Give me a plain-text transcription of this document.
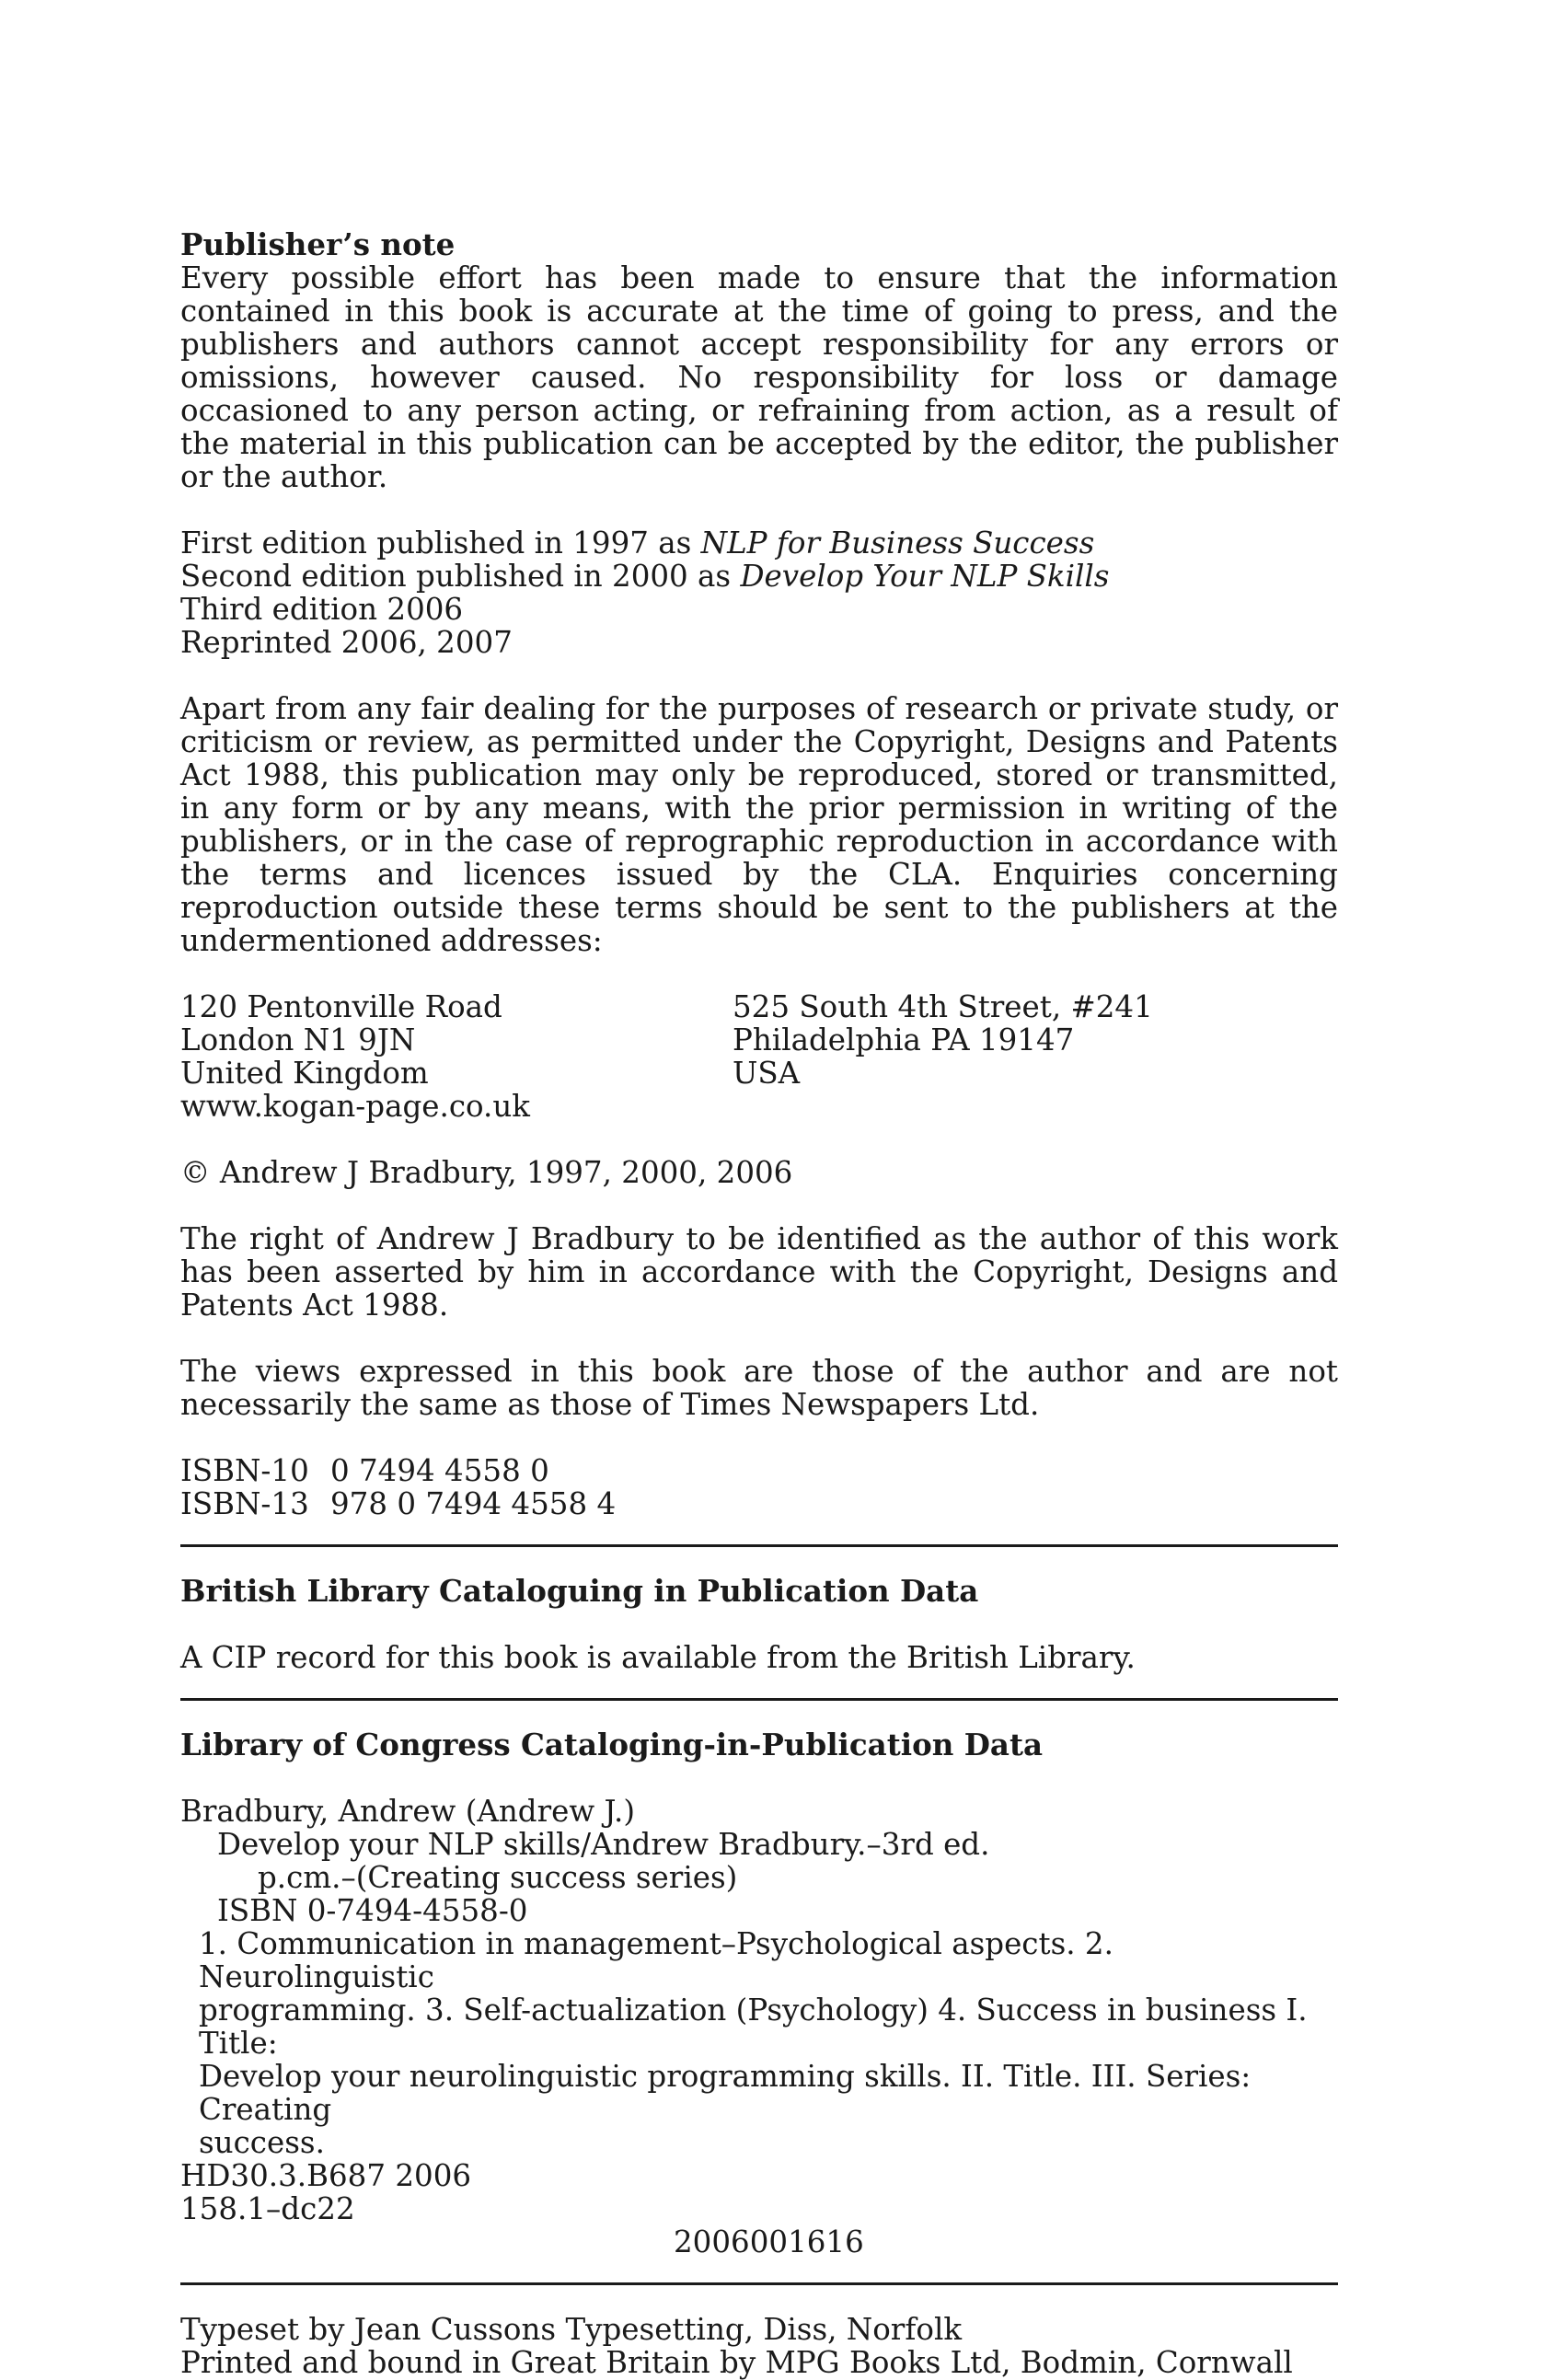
Publisher’s note

Every possible effort has been made to ensure that the information contained in this book is accurate at the time of going to press, and the publishers and authors cannot accept responsibility for any errors or omissions, however caused. No responsibility for loss or damage occasioned to any person acting, or refraining from action, as a result of the material in this publication can be accepted by the editor, the publisher or the author.

First edition published in 1997 as NLP for Business Success
Second edition published in 2000 as Develop Your NLP Skills
Third edition 2006
Reprinted 2006, 2007

Apart from any fair dealing for the purposes of research or private study, or criticism or review, as permitted under the Copyright, Designs and Patents Act 1988, this publication may only be reproduced, stored or transmitted, in any form or by any means, with the prior permission in writing of the publishers, or in the case of reprographic reproduction in accordance with the terms and licences issued by the CLA. Enquiries concerning reproduction outside these terms should be sent to the publishers at the undermentioned addresses:

120 Pentonville Road
London N1 9JN
United Kingdom
www.kogan-page.co.uk
525 South 4th Street, #241
Philadelphia PA 19147
USA

© Andrew J Bradbury, 1997, 2000, 2006

The right of Andrew J Bradbury to be identified as the author of this work has been asserted by him in accordance with the Copyright, Designs and Patents Act 1988.

The views expressed in this book are those of the author and are not necessarily the same as those of Times Newspapers Ltd.

ISBN-10 0 7494 4558 0
ISBN-13 978 0 7494 4558 4

British Library Cataloguing in Publication Data

A CIP record for this book is available from the British Library.

Library of Congress Cataloging-in-Publication Data

Bradbury, Andrew (Andrew J.)
Develop your NLP skills/Andrew Bradbury.–3rd ed.
p.cm.–(Creating success series)
ISBN 0-7494-4558-0
1. Communication in management–Psychological aspects. 2. Neurolinguistic
programming. 3. Self-actualization (Psychology) 4. Success in business I. Title:
Develop your neurolinguistic programming skills. II. Title. III. Series: Creating
success.
HD30.3.B687 2006
158.1–dc22
2006001616
Typeset by Jean Cussons Typesetting, Diss, Norfolk
Printed and bound in Great Britain by MPG Books Ltd, Bodmin, Cornwall
